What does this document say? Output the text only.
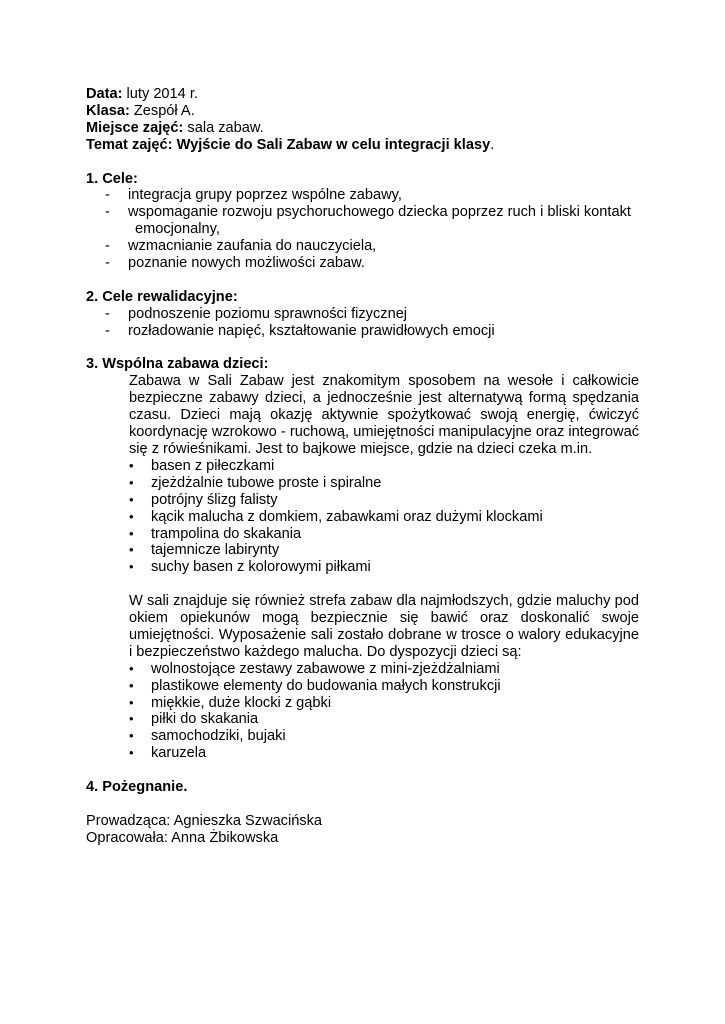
Data: luty 2014 r.
Klasa: Zespół A.
Miejsce zajęć: sala zabaw.
Temat zajęć: Wyjście do Sali Zabaw w celu integracji klasy.
1. Cele:
- integracja grupy poprzez wspólne zabawy,
- wspomaganie rozwoju psychoruchowego dziecka poprzez ruch i bliski kontakt
emocjonalny,
- wzmacnianie zaufania do nauczyciela,
- poznanie nowych możliwości zabaw.
2. Cele rewalidacyjne:
- podnoszenie poziomu sprawności fizycznej
- rozładowanie napięć, kształtowanie prawidłowych emocji
3. Wspólna zabawa dzieci:

Zabawa w Sali Zabaw jest znakomitym sposobem na wesołe i całkowicie bezpieczne zabawy dzieci, a jednocześnie jest alternatywą formą spędzania czasu. Dzieci mają okazję aktywnie spożytkować swoją energię, ćwiczyć koordynację wzrokowo - ruchową, umiejętności manipulacyjne oraz integrować się z rówieśnikami. Jest to bajkowe miejsce, gdzie na dzieci czeka m.in.

• basen z piłeczkami
• zjeżdżalnie tubowe proste i spiralne
• potrójny ślizg falisty
• kącik malucha z domkiem, zabawkami oraz dużymi klockami
• trampolina do skakania
• tajemnicze labirynty
• suchy basen z kolorowymi piłkami

W sali znajduje się również strefa zabaw dla najmłodszych, gdzie maluchy pod okiem opiekunów mogą bezpiecznie się bawić oraz doskonalić swoje umiejętności. Wyposażenie sali zostało dobrane w trosce o walory edukacyjne i bezpieczeństwo każdego malucha. Do dyspozycji dzieci są:

• wolnostojące zestawy zabawowe z mini-zjeżdżalniami
• plastikowe elementy do budowania małych konstrukcji
• miękkie, duże klocki z gąbki
• piłki do skakania
• samochodziki, bujaki
• karuzela
4. Pożegnanie.
Prowadząca: Agnieszka Szwacińska
Opracowała: Anna Żbikowska
